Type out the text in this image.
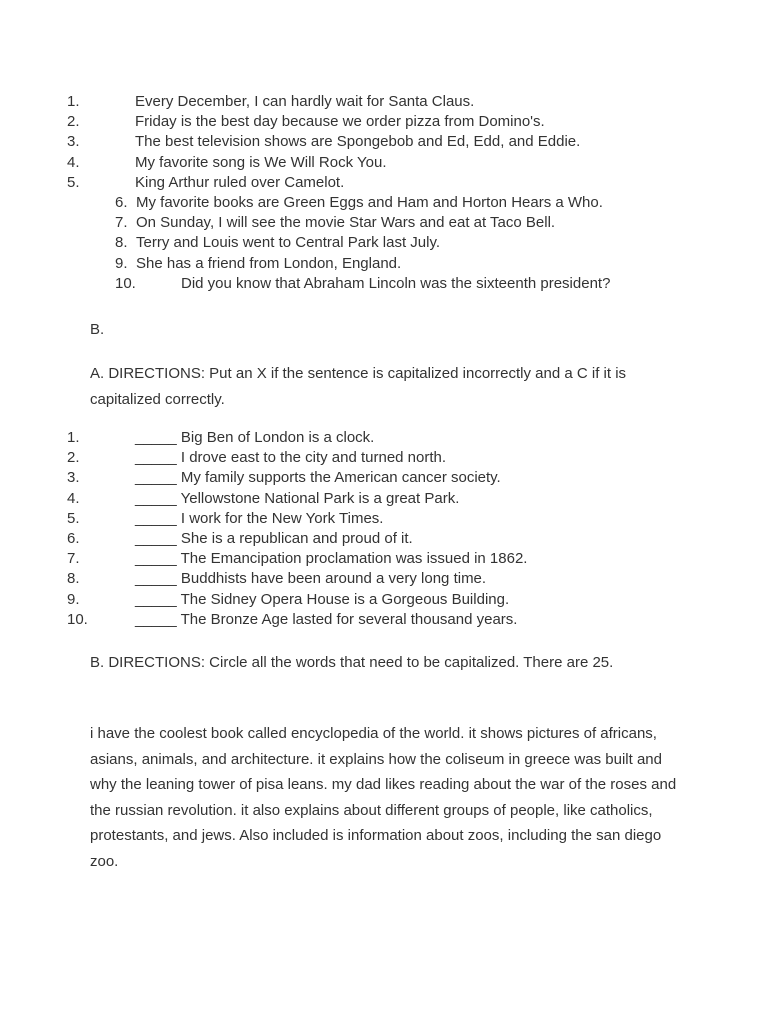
1.	Every December, I can hardly wait for Santa Claus.
2.	Friday is the best day because we order pizza from Domino's.
3.	The best television shows are Spongebob and Ed, Edd, and Eddie.
4.	My favorite song is We Will Rock You.
5.	King Arthur ruled over Camelot.
6. My favorite books are Green Eggs and Ham and Horton Hears a Who.
7. On Sunday, I will see the movie Star Wars and eat at Taco Bell.
8. Terry and Louis went to Central Park last July.
9. She has a friend from London, England.
10.	Did you know that Abraham Lincoln was the sixteenth president?

B.

A. DIRECTIONS: Put an X if the sentence is capitalized incorrectly and a C if it is capitalized correctly.

1.	_____ Big Ben of London is a clock.
2.	_____ I drove east to the city and turned north.
3.	_____ My family supports the American cancer society.
4.	_____ Yellowstone National Park is a great Park.
5.	_____ I work for the New York Times.
6.	_____ She is a republican and proud of it.
7.	_____ The Emancipation proclamation was issued in 1862.
8.	_____ Buddhists have been around a very long time.
9.	_____ The Sidney Opera House is a Gorgeous Building.
10.	_____ The Bronze Age lasted for several thousand years.

B. DIRECTIONS: Circle all the words that need to be capitalized. There are 25.

i have the coolest book called encyclopedia of the world. it shows pictures of africans, asians, animals, and architecture. it explains how the coliseum in greece was built and why the leaning tower of pisa leans. my dad likes reading about the war of the roses and the russian revolution. it also explains about different groups of people, like catholics, protestants, and jews. Also included is information about zoos, including the san diego zoo.
